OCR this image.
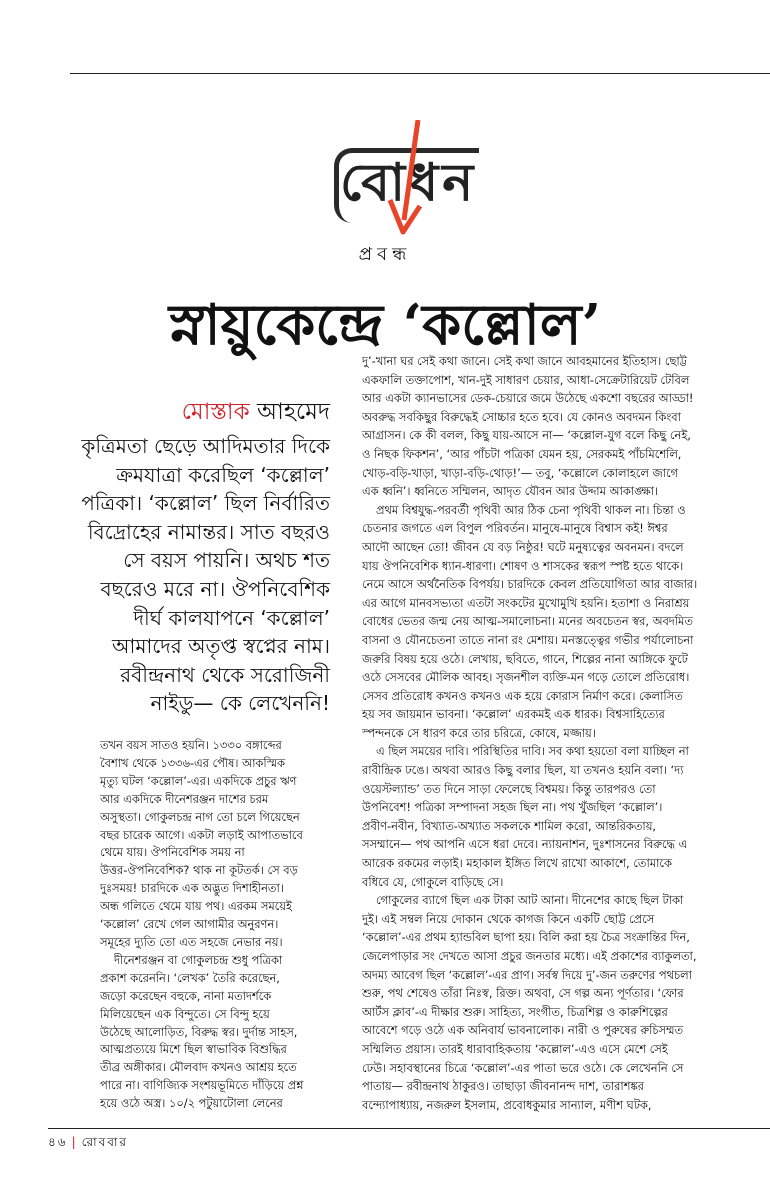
বোধন
প্রবন্ধ
স্নায়ুকেন্দ্রে ‘কল্লোল’
মোস্তাক আহমেদ
কৃত্রিমতা ছেড়ে আদিমতার দিকে
ক্রমযাত্রা করেছিল ‘কল্লোল’
পত্রিকা। ‘কল্লোল’ ছিল নির্বারিত
বিদ্রোহের নামান্তর। সাত বছরও
সে বয়স পায়নি। অথচ শত
বছরেও মরে না। ঔপনিবেশিক
দীর্ঘ কালযাপনে ‘কল্লোল’
আমাদের অতৃপ্ত স্বপ্নের নাম।
রবীন্দ্রনাথ থেকে সরোজিনী
নাইডু— কে লেখেননি!
তখন বয়স সাতও হয়নি। ১৩৩০ বঙ্গাব্দের
বৈশাখ থেকে ১৩৩৬-এর পৌষ। আকস্মিক
মৃত্যু ঘটল ‘কল্লোল’-এর। একদিকে প্রচুর ঋণ
আর একদিকে দীনেশরঞ্জন দাশের চরম
অসুস্থতা। গোকুলচন্দ্র নাগ তো চলে গিয়েছেন
বছর চারেক আগে। একটা লড়াই আপাতভাবে
থেমে যায়। ঔপনিবেশিক সময় না
উত্তর-ঔপনিবেশিক? থাক না কূটতর্ক। সে বড়
দুঃসময়! চারদিকে এক অদ্ভুত দিশাহীনতা।
অন্ধ গলিতে থেমে যায় পথ। এরকম সময়েই
‘কল্লোল’ রেখে গেল আগামীর অনুরণন।
সমূহের দ্যুতি তো এত সহজে নেভার নয়।
দীনেশরঞ্জন বা গোকুলচন্দ্র শুধু পত্রিকা
প্রকাশ করেননি। ‘লেখক’ তৈরি করেছেন,
জড়ো করেছেন বহুকে, নানা মতাদর্শকে
মিলিয়েছেন এক বিন্দুতে। সে বিন্দু হয়ে
উঠেছে আলোড়িত, বিরুদ্ধ স্বর। দুর্দান্ত সাহস,
আত্মপ্রত্যয়ে মিশে ছিল স্বাভাবিক বিশুদ্ধির
তীব্র অঙ্গীকার। মৌলবাদ কখনও আশ্রয় হতে
পারে না। বাণিজ্যিক সংশয়ভূমিতে দাঁড়িয়ে প্রশ্ন
হয়ে ওঠে অস্ত্র। ১০/২ পটুয়াটোলা লেনের
দু’-খানা ঘর সেই কথা জানে। সেই কথা জানে আবহমানের ইতিহাস। ছোট্ট
একফালি তক্তাপোশ, খান-দুই সাধারণ চেয়ার, আধা-সেক্রেটারিয়েট টেবিল
আর একটা ক্যানভাসের ডেক-চেয়ারে জমে উঠেছে একশো বছরের আড্ডা!
অবরুদ্ধ সবকিছুর বিরুদ্ধেই সোচ্চার হতে হবে। যে কোনও অবদমন কিংবা
আগ্রাসন। কে কী বলল, কিছু যায়-আসে না— ‘কল্লোল-যুগ বলে কিছু নেই,
ও নিছক ফিকশন’, ‘আর পাঁচটা পত্রিকা যেমন হয়, সেরকমই পাঁচমিশেলি,
খোড়-বড়ি-খাড়া, খাড়া-বড়ি-থোড়!’— তবু, ‘কল্লোলে কোলাহলে জাগে
এক ধ্বনি’। ধ্বনিতে সম্মিলন, আদৃত যৌবন আর উদ্দাম আকাঙ্ক্ষা।
প্রথম বিশ্বযুদ্ধ-পরবর্তী পৃথিবী আর ঠিক চেনা পৃথিবী থাকল না। চিন্তা ও
চেতনার জগতে এল বিপুল পরিবর্তন। মানুষে-মানুষে বিশ্বাস কই! ঈশ্বর
আদৌ আছেন তো! জীবন যে বড় নিষ্ঠুর! ঘটে মনুষ্যত্বের অবনমন। বদলে
যায় ঔপনিবেশিক ধ্যান-ধারণা। শোষণ ও শাসকের স্বরূপ স্পষ্ট হতে থাকে।
নেমে আসে অর্থনৈতিক বিপর্যয়। চারদিকে কেবল প্রতিযোগিতা আর বাজার।
এর আগে মানবসভ্যতা এতটা সংকটের মুখোমুখি হয়নি। হতাশা ও নিরাশ্রয়
বোধের ভেতর জন্ম নেয় আত্ম-সমালোচনা। মনের অবচেতন স্বর, অবদমিত
বাসনা ও যৌনচেতনা তাতে নানা রং মেশায়। মনস্তত্ত্বের গভীর পর্যালোচনা
জরুরি বিষয় হয়ে ওঠে। লেখায়, ছবিতে, গানে, শিল্পের নানা আঙ্গিকে ফুটে
ওঠে সেসবের মৌলিক আবহ। সৃজনশীল ব্যক্তি-মন গড়ে তোলে প্রতিরোধ।
সেসব প্রতিরোধ কখনও কখনও এক হয়ে কোরাস নির্মাণ করে। কেলাসিত
হয় সব জায়মান ভাবনা। ‘কল্লোল’ এরকমই এক ধারক। বিশ্বসাহিত্যের
স্পন্দনকে সে ধারণ করে তার চরিত্রে, কোষে, মজ্জায়।
এ ছিল সময়ের দাবি। পরিস্থিতির দাবি। সব কথা হয়তো বলা যাচ্ছিল না
রাবীন্দ্রিক ঢঙে। অথবা আরও কিছু বলার ছিল, যা তখনও হয়নি বলা। ‘দ্য
ওয়েস্টল্যান্ড’ তত দিনে সাড়া ফেলেছে বিশ্বময়। কিন্তু তারপরও তো
উপনিবেশ! পত্রিকা সম্পাদনা সহজ ছিল না। পথ খুঁজছিল ‘কল্লোল’।
প্রবীণ-নবীন, বিখ্যাত-অখ্যাত সকলকে শামিল করো, আন্তরিকতায়,
সসম্মানে— পথ আপনি এসে ধরা দেবে। ন্যায়নাশন, দুঃশাসনের বিরুদ্ধে এ
আরেক রকমের লড়াই। মহাকাল ইঙ্গিত লিখে রাখো আকাশে, তোমাকে
বধিবে যে, গোকুলে বাড়িছে সে।
গোকুলের ব্যাগে ছিল এক টাকা আট আনা। দীনেশের কাছে ছিল টাকা
দুই। এই সম্বল নিয়ে দোকান থেকে কাগজ কিনে একটি ছোট্ট প্রেসে
‘কল্লোল’-এর প্রথম হ্যান্ডবিল ছাপা হয়। বিলি করা হয় চৈত্র সংক্রান্তির দিন,
জেলেপাড়ার সং দেখতে আসা প্রচুর জনতার মধ্যে। এই প্রকাশের ব্যাকুলতা,
অদম্য আবেগ ছিল ‘কল্লোল’-এর প্রাণ। সর্বস্ব দিয়ে দু’-জন তরুণের পথচলা
শুরু, পথ শেষেও তাঁরা নিঃস্ব, রিক্ত। অথবা, সে গল্প অন্য পূর্ণতার। ‘ফোর
আর্টস ক্লাব’-এ দীক্ষার শুরু। সাহিত্য, সংগীত, চিত্রশিল্প ও কারুশিল্পের
আবেশে গড়ে ওঠে এক অনিবার্য ভাবনালোক। নারী ও পুরুষের রুচিসম্মত
সম্মিলিত প্রয়াস। তারই ধারাবাহিকতায় ‘কল্লোল’-এও এসে মেশে সেই
ঢেউ। সহাবস্থানের চিত্রে ‘কল্লোল’-এর পাতা ভরে ওঠে। কে লেখেননি সে
পাতায়— রবীন্দ্রনাথ ঠাকুরও। তাছাড়া জীবনানন্দ দাশ, তারাশঙ্কর
বন্দ্যোপাধ্যায়, নজরুল ইসলাম, প্রবোধকুমার সান্যাল, মণীশ ঘটক,
৪৬ | রোববার
